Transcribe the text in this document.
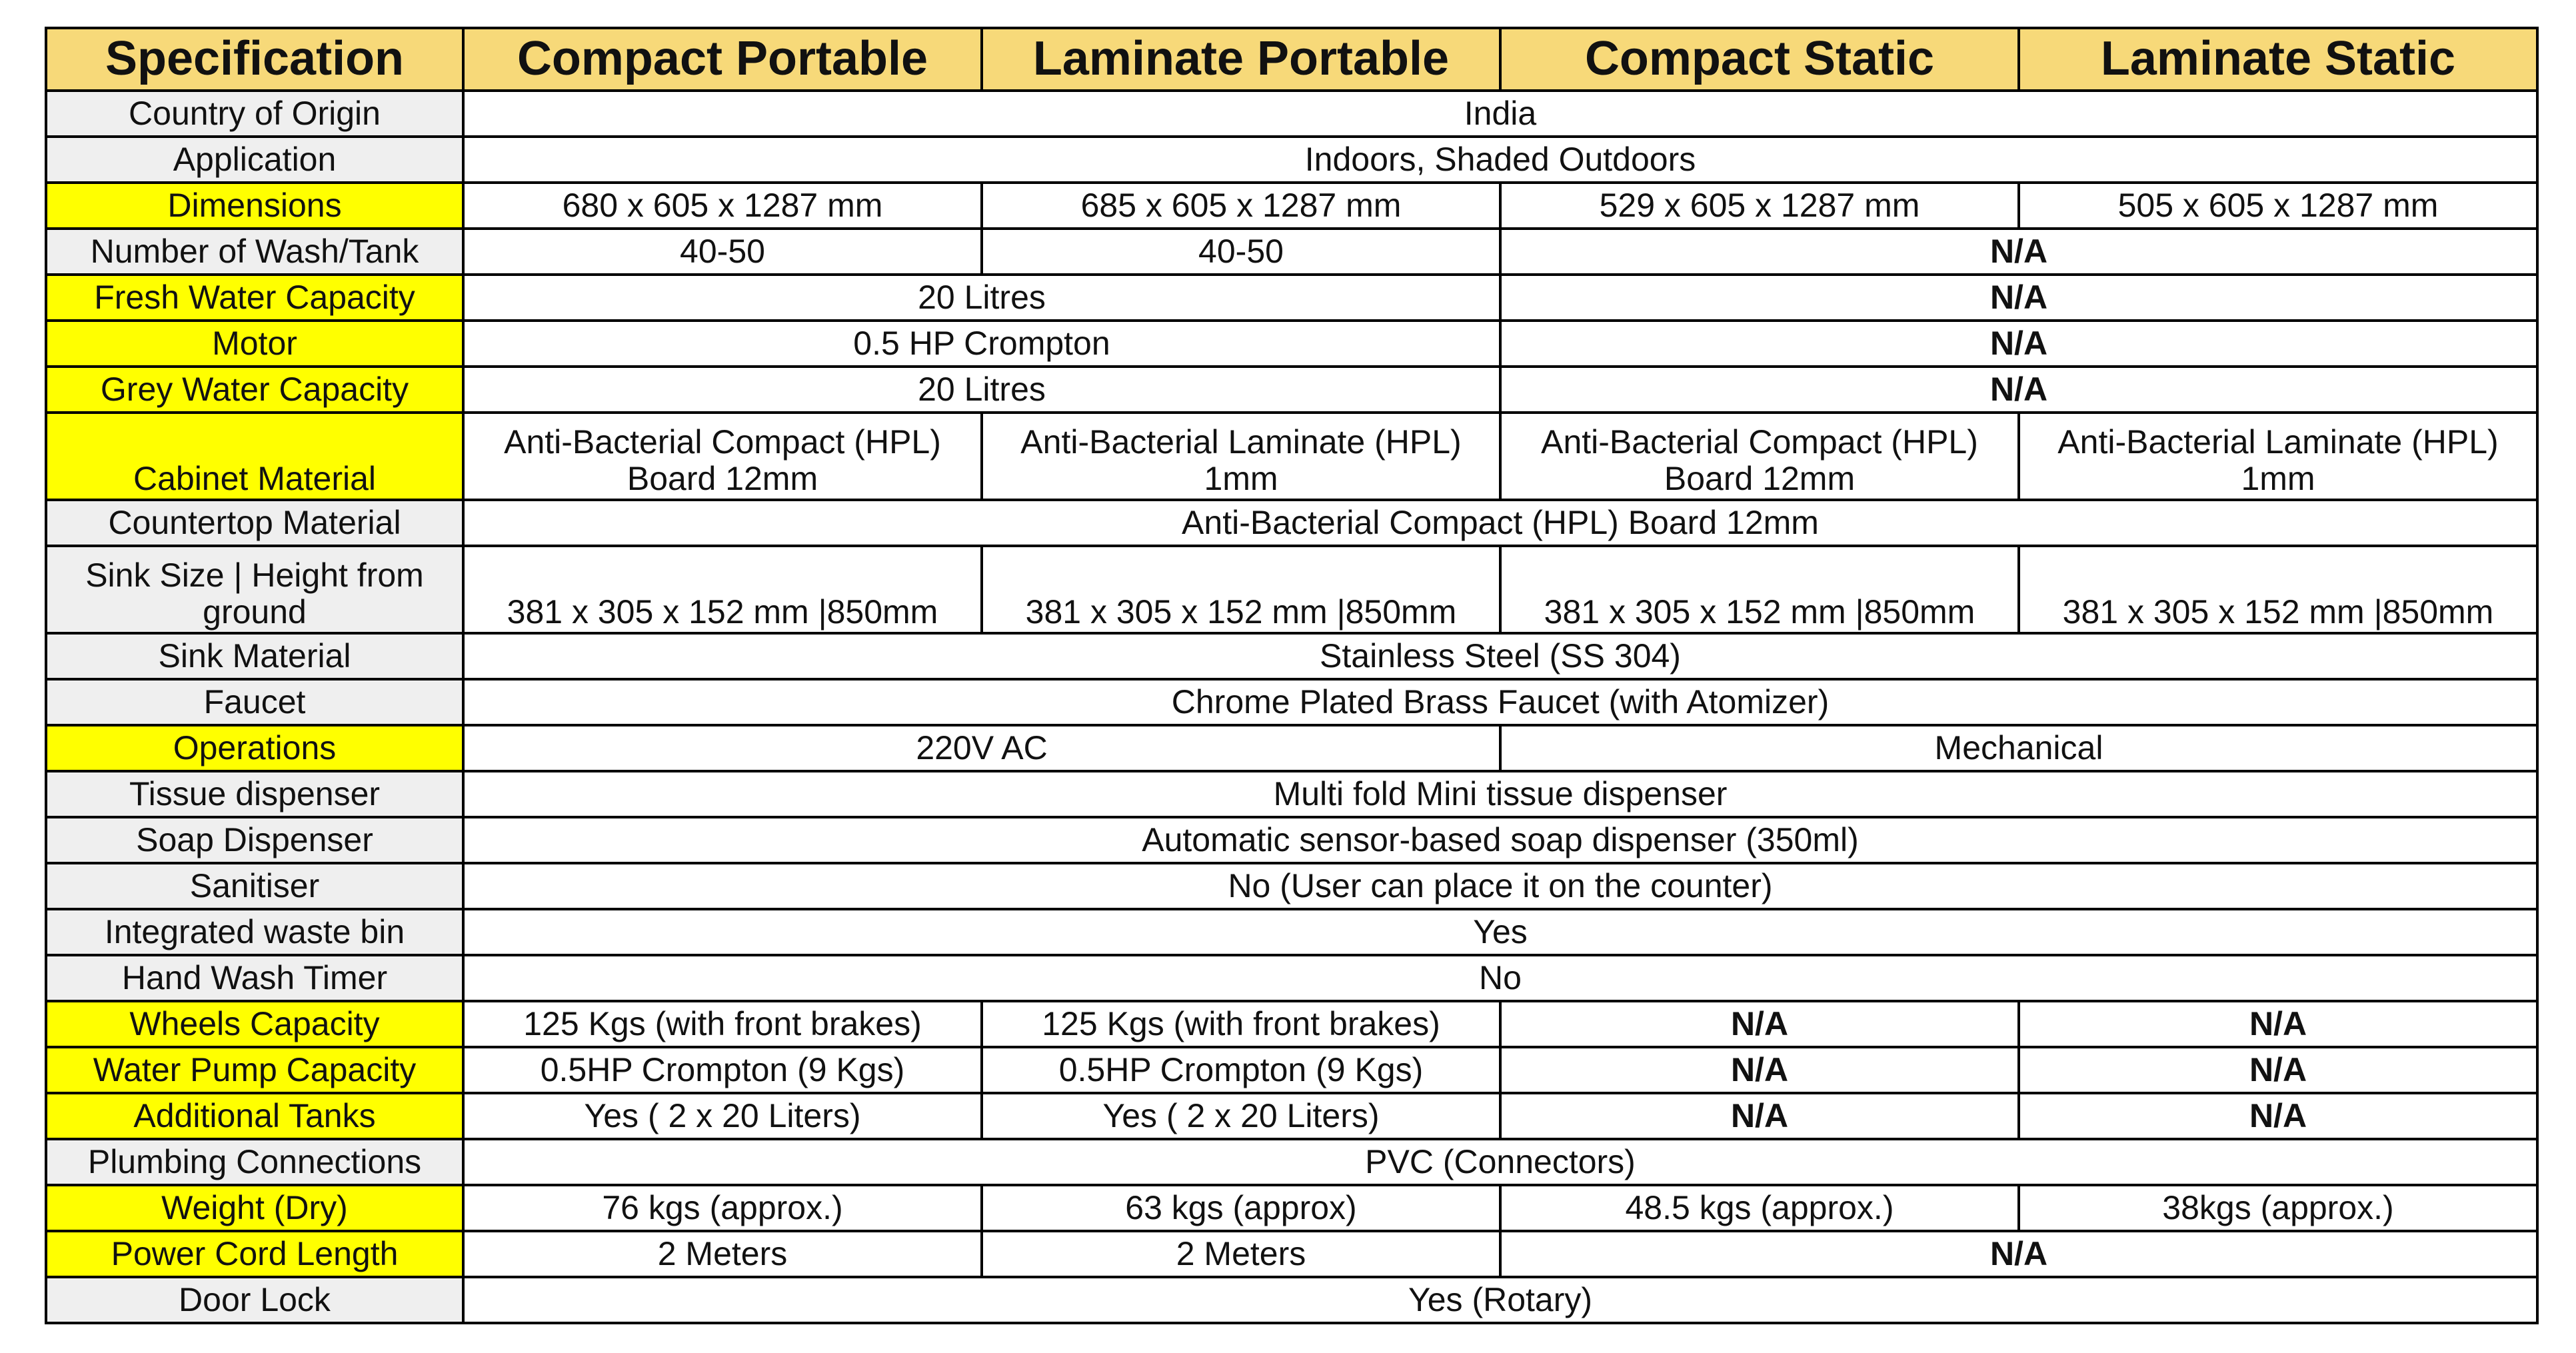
Specification	Compact Portable	Laminate Portable	Compact Static	Laminate Static
Country of Origin	India			
Application	Indoors, Shaded Outdoors			
Dimensions	680 x 605 x 1287 mm	685 x 605 x 1287 mm	529 x 605 x 1287 mm	505 x 605 x 1287 mm
Number of Wash/Tank	40-50	40-50	N/A	
Fresh Water Capacity	20 Litres		N/A	
Motor	0.5 HP Crompton		N/A	
Grey Water Capacity	20 Litres		N/A	
Cabinet Material	Anti-Bacterial Compact (HPL) Board 12mm	Anti-Bacterial Laminate (HPL) 1mm	Anti-Bacterial Compact (HPL) Board 12mm	Anti-Bacterial Laminate (HPL) 1mm
Countertop Material	Anti-Bacterial Compact (HPL) Board 12mm			
Sink Size | Height from ground	381 x 305 x 152 mm |850mm	381 x 305 x 152 mm |850mm	381 x 305 x 152 mm |850mm	381 x 305 x 152 mm |850mm
Sink Material	Stainless Steel (SS 304)			
Faucet	Chrome Plated Brass Faucet (with Atomizer)			
Operations	220V AC		Mechanical	
Tissue dispenser	Multi fold Mini tissue dispenser			
Soap Dispenser	Automatic sensor-based soap dispenser (350ml)			
Sanitiser	No (User can place it on the counter)			
Integrated waste bin	Yes			
Hand Wash Timer	No			
Wheels Capacity	125 Kgs (with front brakes)	125 Kgs (with front brakes)	N/A	N/A
Water Pump Capacity	0.5HP Crompton (9 Kgs)	0.5HP Crompton (9 Kgs)	N/A	N/A
Additional Tanks	Yes ( 2 x 20 Liters)	Yes ( 2 x 20 Liters)	N/A	N/A
Plumbing Connections	PVC (Connectors)			
Weight (Dry)	76 kgs (approx.)	63 kgs (approx)	48.5 kgs (approx.)	38kgs (approx.)
Power Cord Length	2 Meters	2 Meters	N/A	
Door Lock	Yes (Rotary)			
